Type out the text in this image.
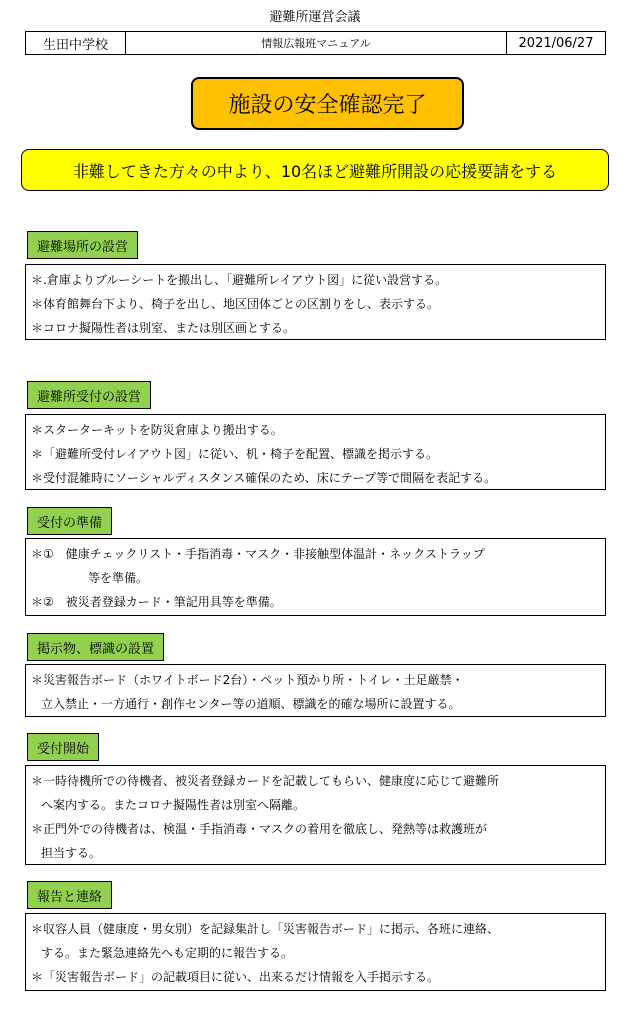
避難所運営会議
生田中学校	情報広報班マニュアル	2021/06/27
施設の安全確認完了
非難してきた方々の中より、10名ほど避難所開設の応援要請をする
避難場所の設営
＊.倉庫よりブルーシートを搬出し、「避難所レイアウト図」に従い設営する。
＊体育館舞台下より、椅子を出し、地区団体ごとの区割りをし、表示する。
＊コロナ擬陽性者は別室、または別区画とする。
避難所受付の設営
＊スターターキットを防災倉庫より搬出する。
＊「避難所受付レイアウト図」に従い、机・椅子を配置、標識を掲示する。
＊受付混雑時にソーシャルディスタンス確保のため、床にテープ等で間隔を表記する。
受付の準備
＊①　健康チェックリスト・手指消毒・マスク・非接触型体温計・ネックストラップ
等を準備。
＊②　被災者登録カード・筆記用具等を準備。
掲示物、標識の設置
＊災害報告ボード（ホワイトボード2台）・ペット預かり所・トイレ・土足厳禁・
立入禁止・一方通行・創作センター等の道順、標識を的確な場所に設置する。
受付開始
＊一時待機所での待機者、被災者登録カードを記載してもらい、健康度に応じて避難所
へ案内する。またコロナ擬陽性者は別室へ隔離。
＊正門外での待機者は、検温・手指消毒・マスクの着用を徹底し、発熱等は救護班が
担当する。
報告と連絡
＊収容人員（健康度・男女別）を記録集計し「災害報告ボード」に掲示、各班に連絡、
する。また緊急連絡先へも定期的に報告する。
＊「災害報告ボード」の記載項目に従い、出来るだけ情報を入手掲示する。
